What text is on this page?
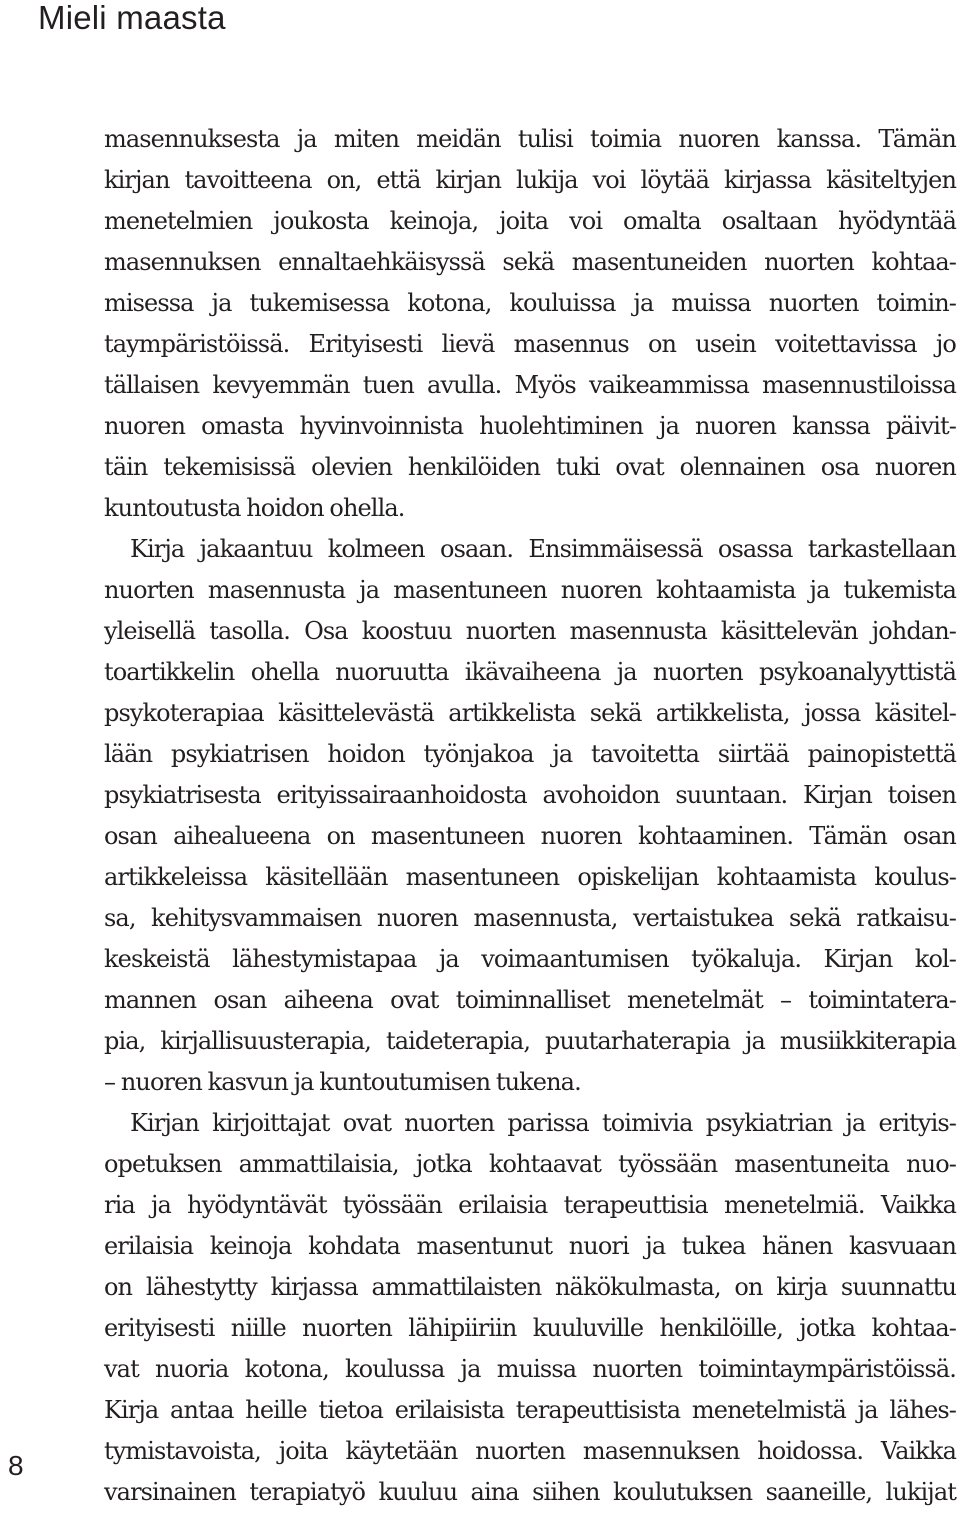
Mieli maasta
masennuksesta ja miten meidän tulisi toimia nuoren kanssa. Tämän
kirjan tavoitteena on, että kirjan lukija voi löytää kirjassa käsiteltyjen
menetelmien joukosta keinoja, joita voi omalta osaltaan hyödyntää
masennuksen ennaltaehkäisyssä sekä masentuneiden nuorten kohtaa-
misessa ja tukemisessa kotona, kouluissa ja muissa nuorten toimin-
taympäristöissä. Erityisesti lievä masennus on usein voitettavissa jo
tällaisen kevyemmän tuen avulla. Myös vaikeammissa masennustiloissa
nuoren omasta hyvinvoinnista huolehtiminen ja nuoren kanssa päivit-
täin tekemisissä olevien henkilöiden tuki ovat olennainen osa nuoren
kuntoutusta hoidon ohella.
Kirja jakaantuu kolmeen osaan. Ensimmäisessä osassa tarkastellaan
nuorten masennusta ja masentuneen nuoren kohtaamista ja tukemista
yleisellä tasolla. Osa koostuu nuorten masennusta käsittelevän johdan-
toartikkelin ohella nuoruutta ikävaiheena ja nuorten psykoanalyyttistä
psykoterapiaa käsittelevästä artikkelista sekä artikkelista, jossa käsitel-
lään psykiatrisen hoidon työnjakoa ja tavoitetta siirtää painopistettä
psykiatrisesta erityissairaanhoidosta avohoidon suuntaan. Kirjan toisen
osan aihealueena on masentuneen nuoren kohtaaminen. Tämän osan
artikkeleissa käsitellään masentuneen opiskelijan kohtaamista koulus-
sa, kehitysvammaisen nuoren masennusta, vertaistukea sekä ratkaisu-
keskeistä lähestymistapaa ja voimaantumisen työkaluja. Kirjan kol-
mannen osan aiheena ovat toiminnalliset menetelmät – toimintatera-
pia, kirjallisuusterapia, taideterapia, puutarhaterapia ja musiikkiterapia
– nuoren kasvun ja kuntoutumisen tukena.
Kirjan kirjoittajat ovat nuorten parissa toimivia psykiatrian ja erityis-
opetuksen ammattilaisia, jotka kohtaavat työssään masentuneita nuo-
ria ja hyödyntävät työssään erilaisia terapeuttisia menetelmiä. Vaikka
erilaisia keinoja kohdata masentunut nuori ja tukea hänen kasvuaan
on lähestytty kirjassa ammattilaisten näkökulmasta, on kirja suunnattu
erityisesti niille nuorten lähipiiriin kuuluville henkilöille, jotka kohtaa-
vat nuoria kotona, koulussa ja muissa nuorten toimintaympäristöissä.
Kirja antaa heille tietoa erilaisista terapeuttisista menetelmistä ja lähes-
tymistavoista, joita käytetään nuorten masennuksen hoidossa. Vaikka
varsinainen terapiatyö kuuluu aina siihen koulutuksen saaneille, lukijat
8
